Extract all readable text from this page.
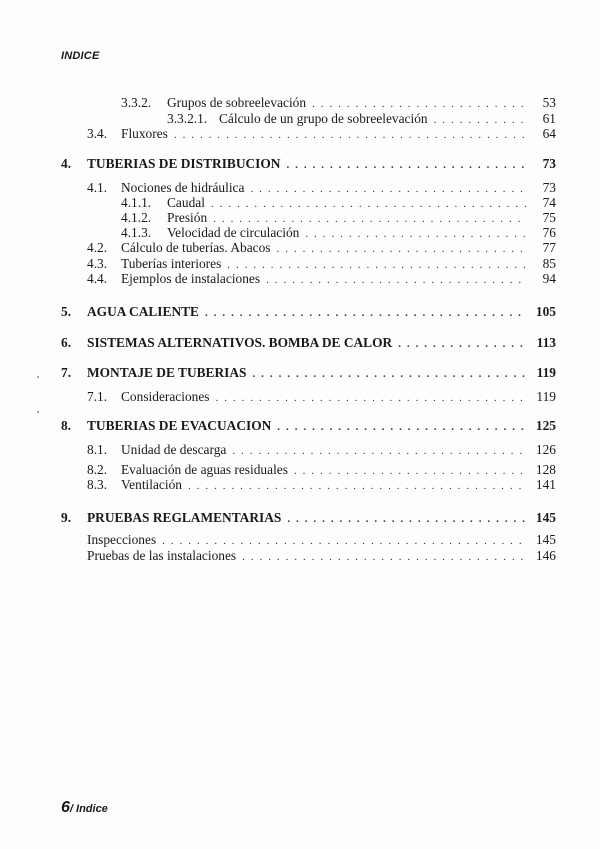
INDICE
3.3.2.	Grupos de sobreelevación . . .	53
3.3.2.1. Cálculo de un grupo de sobreelevación . . .	61
3.4.	Fluxores . . .	64
4.	TUBERIAS DE DISTRIBUCION . . .	73
4.1.	Nociones de hidráulica . . .	73
4.1.1.	Caudal . . .	74
4.1.2.	Presión . . .	75
4.1.3.	Velocidad de circulación . . .	76
4.2.	Cálculo de tuberías. Abacos . . .	77
4.3.	Tuberías interiores . . .	85
4.4.	Ejemplos de instalaciones . . .	94
5.	AGUA CALIENTE . . .	105
6.	SISTEMAS ALTERNATIVOS. BOMBA DE CALOR . . .	113
7.	MONTAJE DE TUBERIAS . . .	119
7.1.	Consideraciones . . .	119
8.	TUBERIAS DE EVACUACION . . .	125
8.1.	Unidad de descarga . . .	126
8.2.	Evaluación de aguas residuales . . .	128
8.3.	Ventilación . . .	141
9.	PRUEBAS REGLAMENTARIAS . . .	145
Inspecciones . . .	145
Pruebas de las instalaciones . . .	146
6/ Indice
